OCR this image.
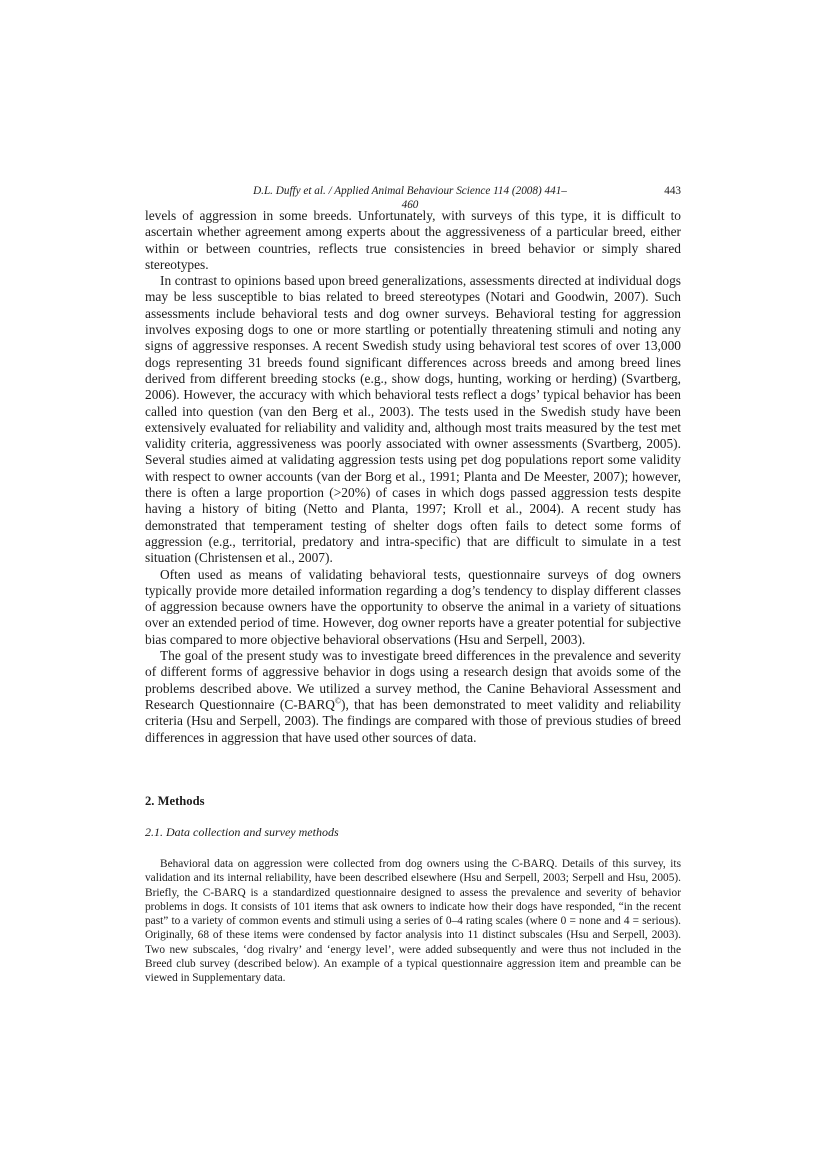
D.L. Duffy et al. / Applied Animal Behaviour Science 114 (2008) 441–460
443

levels of aggression in some breeds. Unfortunately, with surveys of this type, it is difficult to ascertain whether agreement among experts about the aggressiveness of a particular breed, either within or between countries, reflects true consistencies in breed behavior or simply shared stereotypes.

In contrast to opinions based upon breed generalizations, assessments directed at individual dogs may be less susceptible to bias related to breed stereotypes (Notari and Goodwin, 2007). Such assessments include behavioral tests and dog owner surveys. Behavioral testing for aggression involves exposing dogs to one or more startling or potentially threatening stimuli and noting any signs of aggressive responses. A recent Swedish study using behavioral test scores of over 13,000 dogs representing 31 breeds found significant differences across breeds and among breed lines derived from different breeding stocks (e.g., show dogs, hunting, working or herding) (Svartberg, 2006). However, the accuracy with which behavioral tests reflect a dogs’ typical behavior has been called into question (van den Berg et al., 2003). The tests used in the Swedish study have been extensively evaluated for reliability and validity and, although most traits measured by the test met validity criteria, aggressiveness was poorly associated with owner assessments (Svartberg, 2005). Several studies aimed at validating aggression tests using pet dog populations report some validity with respect to owner accounts (van der Borg et al., 1991; Planta and De Meester, 2007); however, there is often a large proportion (>20%) of cases in which dogs passed aggression tests despite having a history of biting (Netto and Planta, 1997; Kroll et al., 2004). A recent study has demonstrated that temperament testing of shelter dogs often fails to detect some forms of aggression (e.g., territorial, predatory and intra-specific) that are difficult to simulate in a test situation (Christensen et al., 2007).

Often used as means of validating behavioral tests, questionnaire surveys of dog owners typically provide more detailed information regarding a dog’s tendency to display different classes of aggression because owners have the opportunity to observe the animal in a variety of situations over an extended period of time. However, dog owner reports have a greater potential for subjective bias compared to more objective behavioral observations (Hsu and Serpell, 2003).

The goal of the present study was to investigate breed differences in the prevalence and severity of different forms of aggressive behavior in dogs using a research design that avoids some of the problems described above. We utilized a survey method, the Canine Behavioral Assessment and Research Questionnaire (C-BARQ©), that has been demonstrated to meet validity and reliability criteria (Hsu and Serpell, 2003). The findings are compared with those of previous studies of breed differences in aggression that have used other sources of data.

2. Methods
2.1. Data collection and survey methods

Behavioral data on aggression were collected from dog owners using the C-BARQ. Details of this survey, its validation and its internal reliability, have been described elsewhere (Hsu and Serpell, 2003; Serpell and Hsu, 2005). Briefly, the C-BARQ is a standardized questionnaire designed to assess the prevalence and severity of behavior problems in dogs. It consists of 101 items that ask owners to indicate how their dogs have responded, “in the recent past” to a variety of common events and stimuli using a series of 0–4 rating scales (where 0 = none and 4 = serious). Originally, 68 of these items were condensed by factor analysis into 11 distinct subscales (Hsu and Serpell, 2003). Two new subscales, ‘dog rivalry’ and ‘energy level’, were added subsequently and were thus not included in the Breed club survey (described below). An example of a typical questionnaire aggression item and preamble can be viewed in Supplementary data.
